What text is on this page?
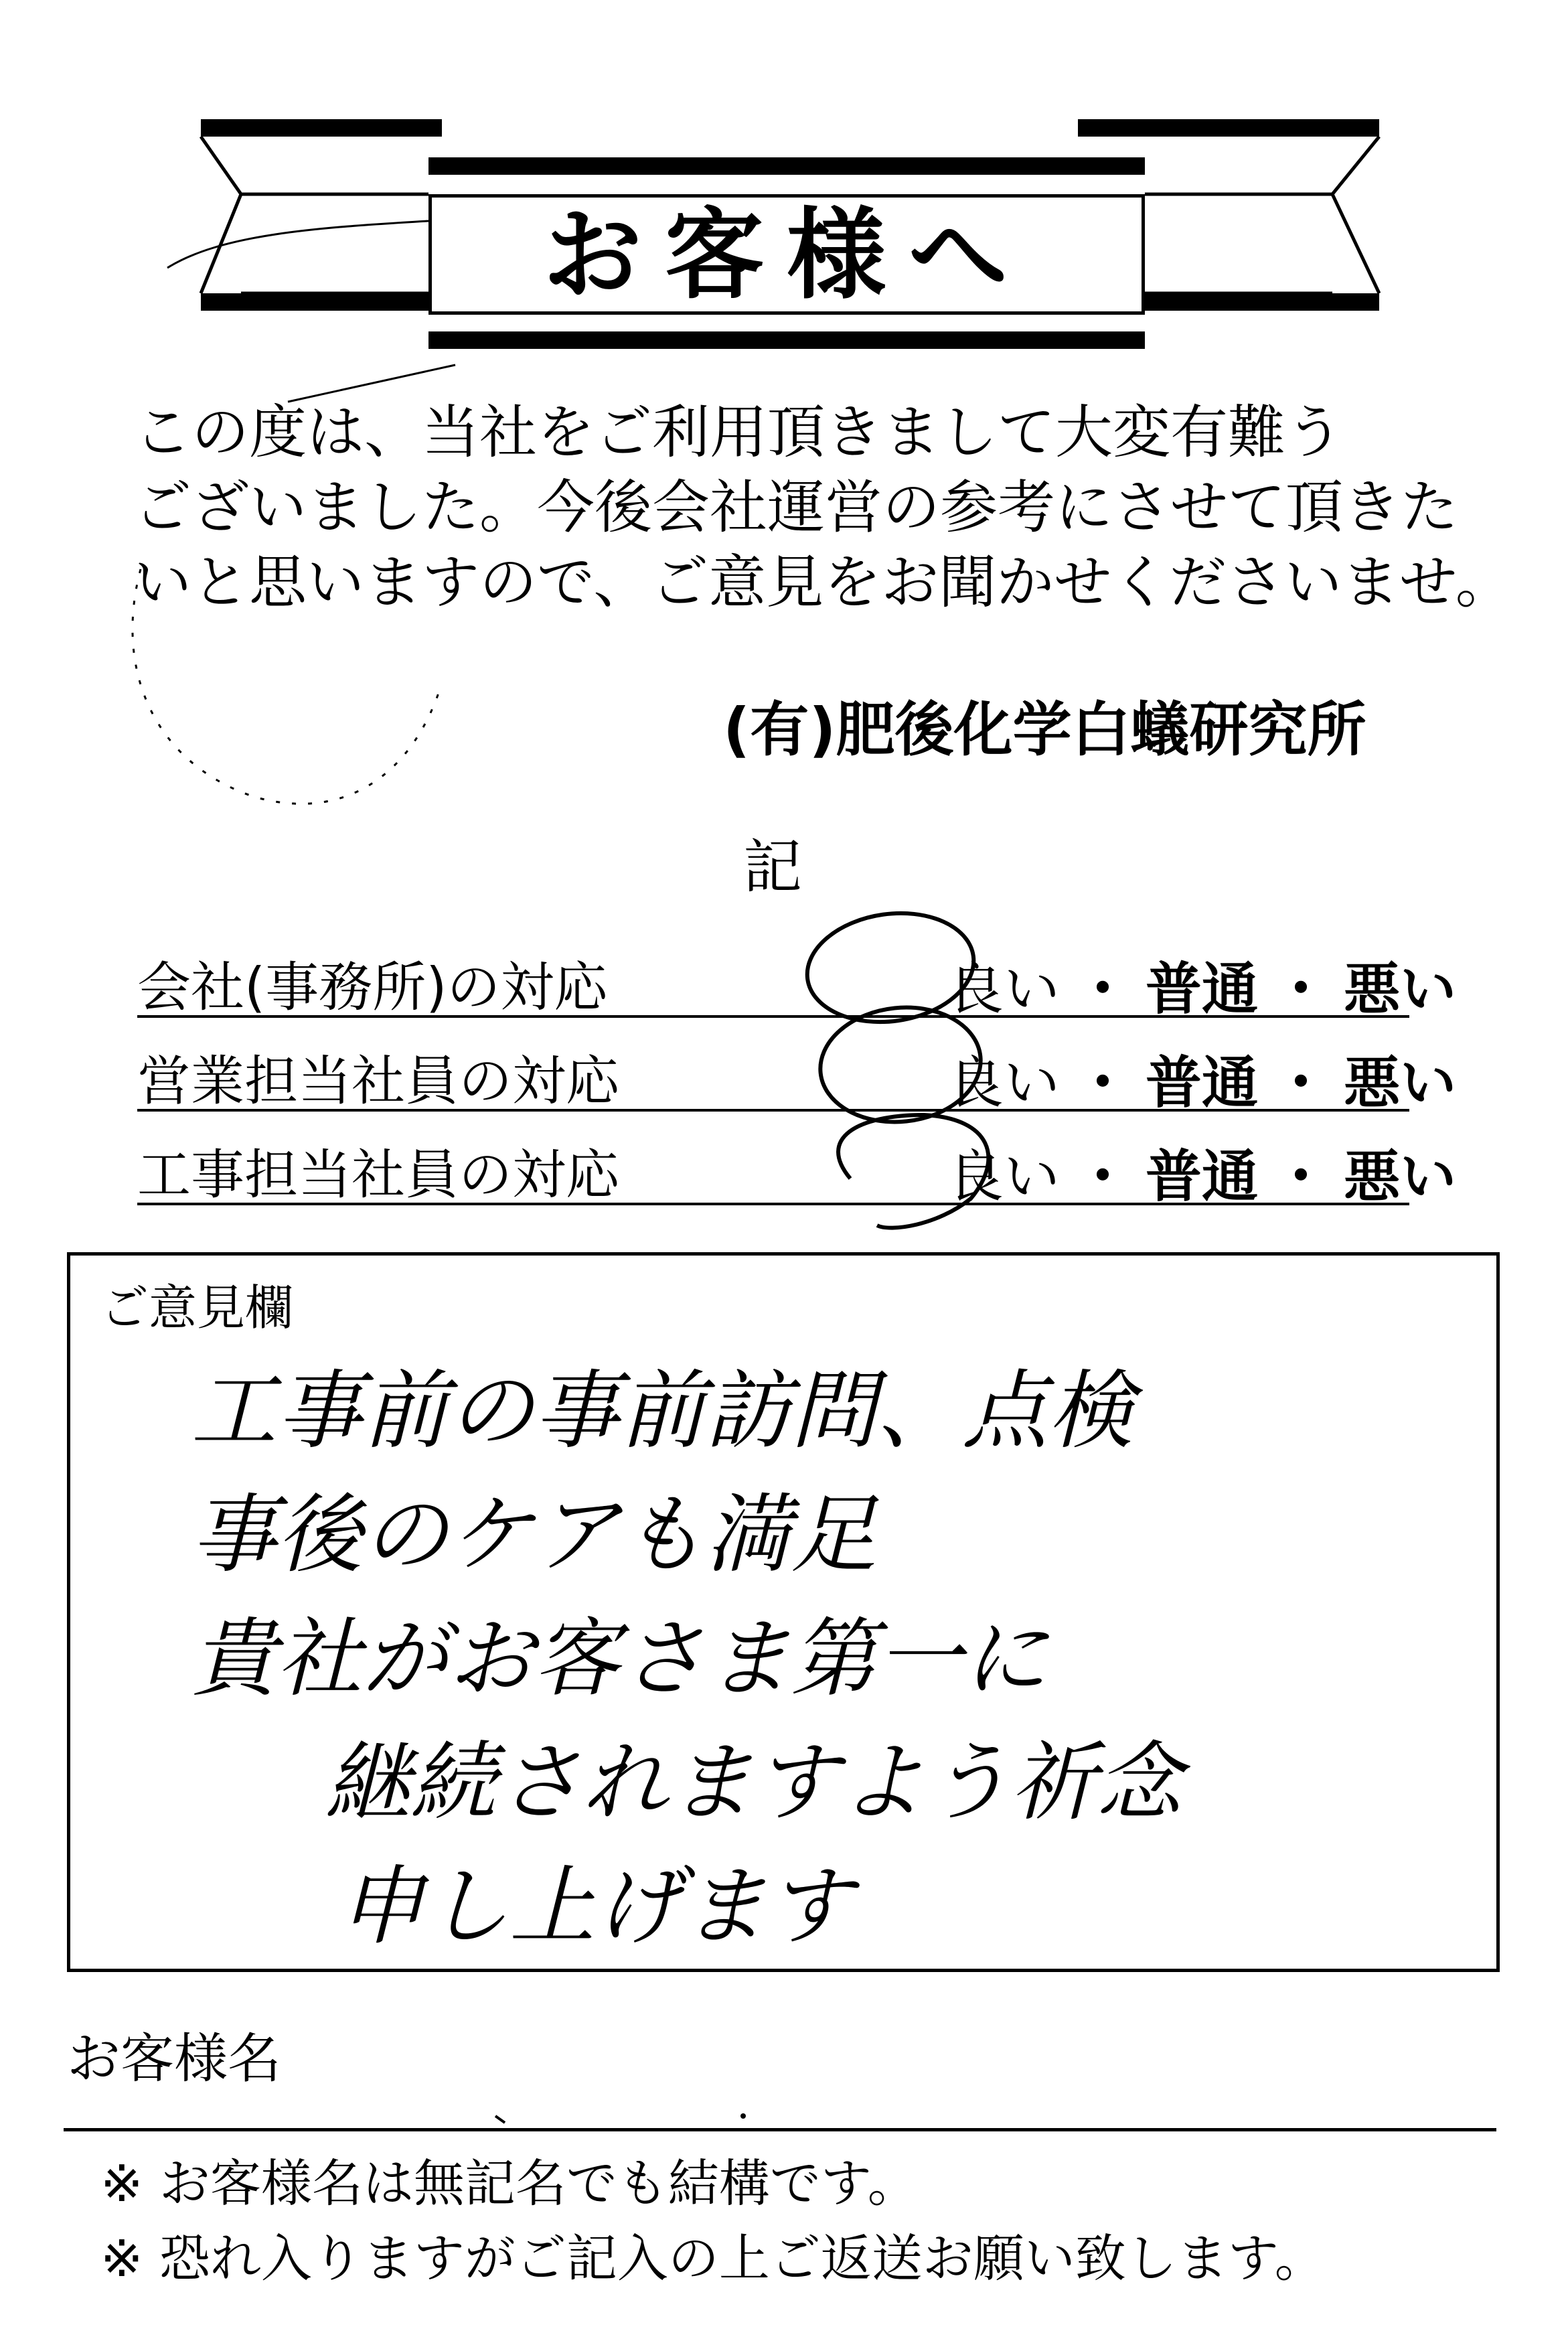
お客様へ
この度は、当社をご利用頂きまして大変有難う
ございました。今後会社運営の参考にさせて頂きた
いと思いますので、ご意見をお聞かせくださいませ。
(有)肥後化学白蟻研究所
記
会社(事務所)の対応	良い ・ 普通 ・ 悪い
営業担当社員の対応	良い ・ 普通 ・ 悪い
工事担当社員の対応	良い ・ 普通 ・ 悪い
ご意見欄
工事前の事前訪問、点検
事後のケアも満足
貴社がお客さま第一に
継続されますよう祈念
申し上げます
お客様名
※ お客様名は無記名でも結構です。
※ 恐れ入りますがご記入の上ご返送お願い致します。
